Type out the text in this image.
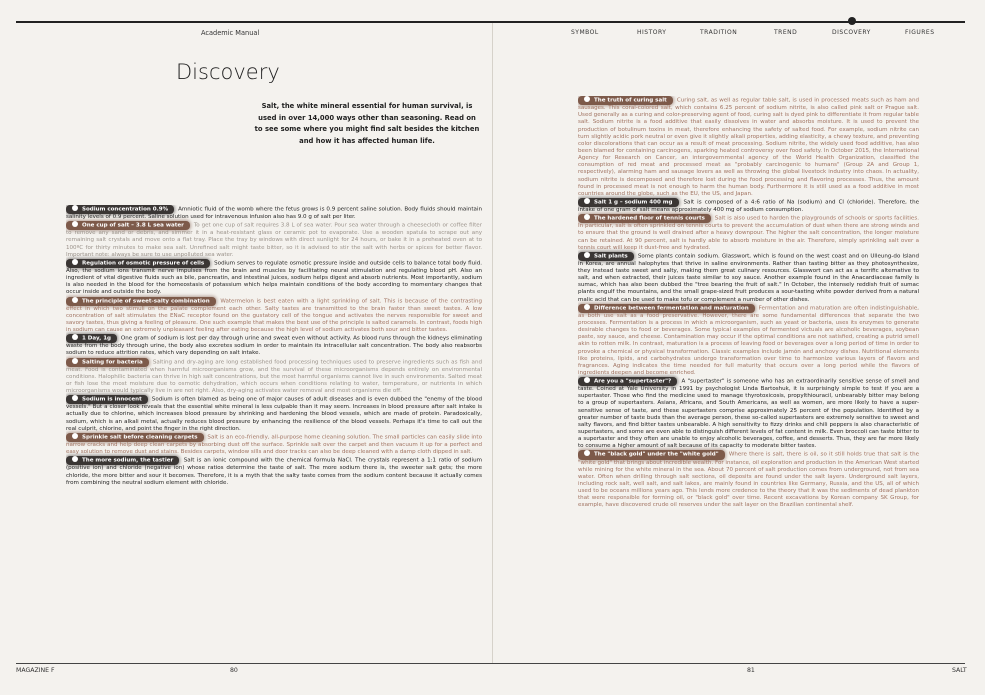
Academic Manual	SYMBOL	HISTORY	TRADITION	TREND	DISCOVERY	FIGURES
Discovery

Salt, the white mineral essential for human survival, is used in over 14,000 ways other than seasoning. Read on to see some where you might find salt besides the kitchen and how it has affected human life.

Sodium concentration 0.9% Amniotic fluid of the womb where the fetus grows is 0.9 percent saline solution. Body fluids should maintain salinity levels of 0.9 percent. Saline solution used for intravenous infusion also has 9.0 g of salt per liter.

One cup of salt – 3.8 L sea water To get one cup of salt requires 3.8 L of sea water. Pour sea water through a cheesecloth or coffee filter to remove any sand or debris, and simmer it in a heat-resistant glass or ceramic pot to evaporate. Use a wooden spatula to scrape out any remaining salt crystals and move onto a flat tray. Place the tray by windows with direct sunlight for 24 hours, or bake it in a preheated oven at to 100ºC for thirty minutes to make sea salt. Unrefined salt might taste bitter, so it is advised to stir the salt with herbs or spices for better flavor. Important note: always be sure to use unpolluted sea water.

Regulation of osmotic pressure of cells Sodium serves to regulate osmotic pressure inside and outside cells to balance total body fluid. Also, the sodium ions transmit nerve impulses from the brain and muscles by facilitating neural stimulation and regulating blood pH. Also an ingredient of vital digestive fluids such as bile, pancreatin, and intestinal juices, sodium helps digest and absorb nutrients. Most importantly, sodium is also needed in the blood for the homeostasis of potassium which helps maintain conditions of the body according to momentary changes that occur inside and outside the body.

The principle of sweet-salty combination Watermelon is best eaten with a light sprinkling of salt. This is because of the contrasting effect in which two stimuli on the palate complement each other. Salty tastes are transmitted to the brain faster than sweet tastes. A low concentration of salt stimulates the ENaC receptor found on the gustatory cell of the tongue and activates the nerves responsible for sweet and savory tastes, thus giving a feeling of pleasure. One such example that makes the best use of the principle is salted caramels. In contrast, foods high in sodium can cause an extremely unpleasant feeling after eating because the high level of sodium activates both sour and bitter tastes.

1 Day, 1g One gram of sodium is lost per day through urine and sweat even without activity. As blood runs through the kidneys eliminating waste from the body through urine, the body also excretes sodium in order to maintain its intracellular salt concentration. The body also reabsorbs sodium to reduce attrition rates, which vary depending on salt intake.

Salting for bacteria Salting and dry-aging are long established food processing techniques used to preserve ingredients such as fish and meat. Food is contaminated when harmful microorganisms grow, and the survival of these microorganisms depends entirely on environmental conditions. Halophilic bacteria can thrive in high salt concentrations, but the most harmful organisms cannot live in such environments. Salted meat or fish lose the most moisture due to osmotic dehydration, which occurs when conditions relating to water, temperature, or nutrients in which microorganisms would typically live in are not right. Also, dry-aging activates water removal and most organisms die off.

Sodium is innocent Sodium is often blamed as being one of major causes of adult diseases and is even dubbed the "enemy of the blood vessels." But a closer look reveals that the essential white mineral is less culpable than it may seem. Increases in blood pressure after salt intake is actually due to chlorine, which increases blood pressure by shrinking and hardening the blood vessels, which are made of protein. Paradoxically, sodium, which is an alkali metal, actually reduces blood pressure by enhancing the resilience of the blood vessels. Perhaps it's time to call out the real culprit, chlorine, and point the finger in the right direction.

Sprinkle salt before cleaning carpets Salt is an eco-friendly, all-purpose home cleaning solution. The small particles can easily slide into narrow cracks and help deep clean carpets by absorbing dust off the surface. Sprinkle salt over the carpet and then vacuum it up for a perfect and easy solution to remove dust and stains. Besides carpets, window sills and door tracks can also be deep cleaned with a damp cloth dipped in salt.

The more sodium, the tastier Salt is an ionic compound with the chemical formula NaCl. The crystals represent a 1:1 ratio of sodium (positive ion) and chloride (negative ion) whose ratios determine the taste of salt. The more sodium there is, the sweeter salt gets; the more chloride, the more bitter and sour it becomes. Therefore, it is a myth that the salty taste comes from the sodium content because it actually comes from combining the neutral sodium element with chloride.

The truth of curing salt Curing salt, as well as regular table salt, is used in processed meats such as ham and sausages. This coral-colored salt, which contains 6.25 percent of sodium nitrite, is also called pink salt or Prague salt. Used generally as a curing and color-preserving agent of food, curing salt is dyed pink to differentiate it from regular table salt. Sodium nitrite is a food additive that easily dissolves in water and absorbs moisture. It is used to prevent the production of botulinum toxins in meat, therefore enhancing the safety of salted food. For example, sodium nitrite can turn slightly acidic pork neutral or even give it slightly alkali properties, adding elasticity, a chewy texture, and preventing color discolorations that can occur as a result of meat processing. Sodium nitrite, the widely used food additive, has also been blamed for containing carcinogens, sparking heated controversy over food safety. In October 2015, the International Agency for Research on Cancer, an intergovernmental agency of the World Health Organization, classified the consumption of red meat and processed meat as "probably carcinogenic to humans" (Group 2A and Group 1, respectively), alarming ham and sausage lovers as well as throwing the global livestock industry into chaos. In actuality, sodium nitrite is decomposed and therefore lost during the food processing and flavoring processes. Thus, the amount found in processed meat is not enough to harm the human body. Furthermore it is still used as a food additive in most countries around the globe, such as the EU, the US, and Japan.

Salt 1 g – sodium 400 mg Salt is composed of a 4:6 ratio of Na (sodium) and Cl (chloride). Therefore, the intake of one gram of salt means approximately 400 mg of sodium consumption.

The hardened floor of tennis courts Salt is also used to harden the playgrounds of schools or sports facilities. In particular, salt is often sprinkled on tennis courts to prevent the accumulation of dust when there are strong winds and to ensure that the ground is well drained after a heavy downpour. The higher the salt concentration, the longer moisture can be retained. At 90 percent, salt is hardly able to absorb moisture in the air. Therefore, simply sprinkling salt over a tennis court will keep it dust-free and hydrated.

Salt plants Some plants contain sodium. Glasswort, which is found on the west coast and on Ulleung-do Island in Korea, are annual halophytes that thrive in saline environments. Rather than tasting bitter as they photosynthesize, they instead taste sweet and salty, making them great culinary resources. Glasswort can act as a terrific alternative to salt, and when extracted, their juices taste similar to soy sauce. Another example found in the Anacardiaceae family is sumac, which has also been dubbed the "tree bearing the fruit of salt." In October, the intensely reddish fruit of sumac plants engulf the mountains, and the small grape-sized fruit produces a sour-tasting white powder derived from a natural malic acid that can be used to make tofu or complement a number of other dishes.

Difference between fermentation and maturation Fermentation and maturation are often indistinguishable, as both use salt as a food preservative. However, there are some fundamental differences that separate the two processes. Fermentation is a process in which a microorganism, such as yeast or bacteria, uses its enzymes to generate desirable changes to food or beverages. Some typical examples of fermented victuals are alcoholic beverages, soybean paste, soy sauce, and cheese. Contamination may occur if the optimal conditions are not satisfied, creating a putrid smell akin to rotten milk. In contrast, maturation is a process of leaving food or beverages over a long period of time in order to provoke a chemical or physical transformation. Classic examples include jamón and anchovy dishes. Nutritional elements like proteins, lipids, and carbohydrates undergo transformation over time to harmonize various layers of flavors and fragrances. Aging indicates the time needed for full maturity that occurs over a long period while the flavors of ingredients deepen and become enriched.

Are you a "supertaster"? A "supertaster" is someone who has an extraordinarily sensitive sense of smell and taste. Coined at Yale University in 1991 by psychologist Linda Bartoshuk, it is surprisingly simple to test if you are a supertaster. Those who find the medicine used to manage thyrotoxicosis, propylthiouracil, unbearably bitter may belong to a group of supertasters. Asians, Africans, and South Americans, as well as women, are more likely to have a super-sensitive sense of taste, and these supertasters comprise approximately 25 percent of the population. Identified by a greater number of taste buds than the average person, these so-called supertasters are extremely sensitive to sweet and salty flavors, and find bitter tastes unbearable. A high sensitivity to fizzy drinks and chili peppers is also characteristic of supertasters, and some are even able to distinguish different levels of fat content in milk. Even broccoli can taste bitter to a supertaster and they often are unable to enjoy alcoholic beverages, coffee, and desserts. Thus, they are far more likely to consume a higher amount of salt because of its capacity to moderate bitter tastes.

The "black gold" under the "white gold" Where there is salt, there is oil, so it still holds true that salt is the "white gold" that brings about incredible wealth. For instance, oil exploration and production in the American West started while mining for the white mineral in the sea. About 70 percent of salt production comes from underground, not from sea water. Often when drilling through salt sections, oil deposits are found under the salt layers. Underground salt layers, including rock salt, well salt, and salt lakes, are mainly found in countries like Germany, Russia, and the US, all of which used to be oceans millions years ago. This lends more credence to the theory that it was the sediments of dead plankton that were responsible for forming oil, or "black gold" over time. Recent excavations by Korean company SK Group, for example, have discovered crude oil reserves under the salt layer on the Brazilian continental shelf.

MAGAZINE F	80	81	SALT
